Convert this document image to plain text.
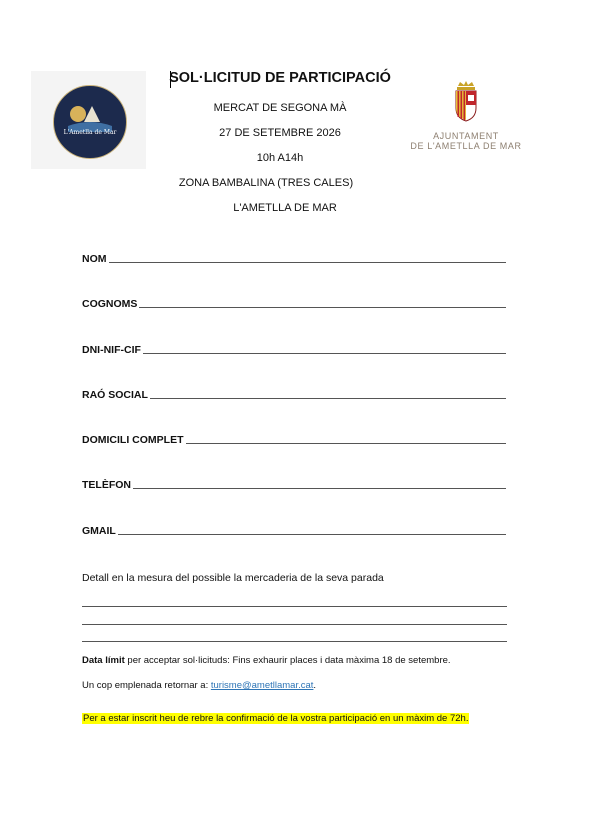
L'Ametlla de Mar
SOL·LICITUD DE PARTICIPACIÓ
MERCAT DE SEGONA MÀ
27 DE SETEMBRE 2026
10h A14h
ZONA BAMBALINA (TRES CALES)
L'AMETLLA DE MAR
AJUNTAMENT
DE L'AMETLLA DE MAR
NOM
COGNOMS
DNI-NIF-CIF
RAÓ SOCIAL
DOMICILI COMPLET
TELÈFON
GMAIL
Detall en la mesura del possible la mercaderia de la seva parada
Data límit per acceptar sol·licituds: Fins exhaurir places i data màxima 18 de setembre.
Un cop emplenada retornar a: turisme@ametllamar.cat.
Per a estar inscrit heu de rebre la confirmació de la vostra participació en un màxim de 72h.
